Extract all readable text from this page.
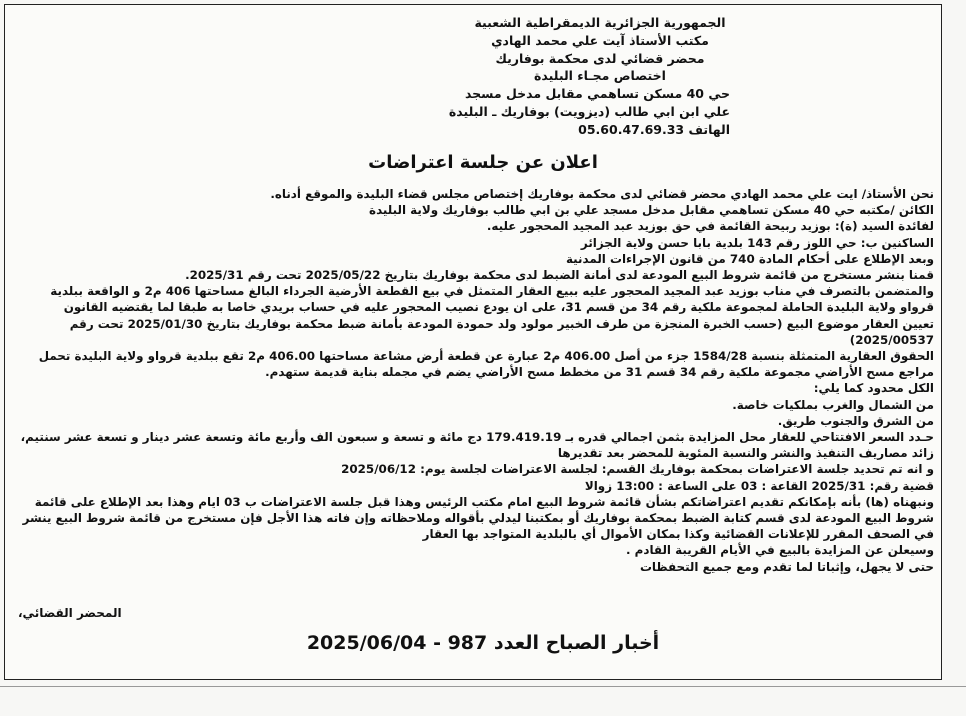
الجمهورية الجزائرية الديمقراطية الشعبية
مكتب الأستاذ آيت علي محمد الهادي
محضر قضائي لدى محكمة بوفاريك
اختصاص مجـاء البليدة
حي 40 مسكن تساهمي مقابل مدخل مسجد
علي ابن ابي طالب (ديزويت) بوفاريك ـ البليدة
الهاتف 05.60.47.69.33
اعلان عن جلسة اعتراضات
نحن الأستاذ/ ايت علي محمد الهادي محضر قضائي لدى محكمة بوفاريك إختصاص مجلس قضاء البليدة والموقع أدناه.
الكائن /مكتبه حي 40 مسكن تساهمي مقابل مدخل مسجد علي بن ابي طالب بوفاريك ولاية البليدة
لفائدة السيد (ة): بوزيد ربيحة القائمة في حق بوزيد عبد المجيد المحجور عليه.
الساكنين ب: حي اللوز رقم 143 بلدية بابا حسن ولاية الجزائر
وبعد الإطلاع على أحكام المادة 740 من قانون الإجراءات المدنية
قمنا بنشر مستخرج من قائمة شروط البيع المودعة لدى أمانة الضبط لدى محكمة بوفاريك بتاريخ 2025/05/22 تحت رقم 2025/31.
والمتضمن بالتصرف في مناب بوزيد عبد المجيد المحجور عليه ببيع العقار المتمثل في بيع القطعة الأرضية الجرداء البالغ مساحتها 406 م2 و الواقعة ببلدية
قرواو ولاية البليدة الحاملة لمجموعة ملكية رقم 34 من قسم 31، على ان يودع نصيب المحجور عليه في حساب بريدي خاصا به طبقا لما يقتضيه القانون
تعيين العقار موضوع البيع (حسب الخبرة المنجزة من طرف الخبير مولود ولد حمودة المودعة بأمانة ضبط محكمة بوفاريك بتاريخ 2025/01/30 تحت رقم
2025/00537)
الحقوق العقارية المتمثلة بنسبة 1584/28 جزء من أصل 406.00 م2 عبارة عن قطعة أرض مشاعة مساحتها 406.00 م2 تقع ببلدية قرواو ولاية البليدة تحمل
مراجع مسح الأراضي مجموعة ملكية رقم 34 قسم 31 من مخطط مسح الأراضي يضم في مجمله بناية قديمة ستهدم.
الكل محدود كما يلي:
من الشمال والغرب بملكيات خاصة.
من الشرق والجنوب طريق.
حـدد السعر الافتتاحي للعقار محل المزايدة بثمن اجمالي قدره بـ 179.419.19 دج مائة و تسعة و سبعون الف وأربع مائة وتسعة عشر دينار و تسعة عشر سنتيم،
زائد مصاريف التنفيذ والنشر والنسبة المئوية للمحضر بعد تقديرها
و انه تم تحديد جلسة الاعتراضات بمحكمة بوفاريك القسم: لجلسة الاعتراضات لجلسة يوم: 2025/06/12
قضية رقم: 2025/31 القاعة : 03 على الساعة : 13:00 زوالا
ونبهناه (ها) بأنه بإمكانكم تقديم اعتراضاتكم بشأن قائمة شروط البيع امام مكتب الرئيس وهذا قبل جلسة الاعتراضات ب 03 ايام وهذا بعد الإطلاع على قائمة
شروط البيع المودعة لدى قسم كتابة الضبط بمحكمة بوفاريك أو بمكتبنا ليدلي بأقواله وملاحظاته وإن فاته هذا الأجل فإن مستخرج من قائمة شروط البيع ينشر
في الصحف المقرر للإعلانات القضائية وكذا بمكان الأموال أي بالبلدية المتواجد بها العقار
وسيعلن عن المزايدة بالبيع في الأيام القريبة القادم .
حتى لا يجهل، وإثباتا لما تقدم ومع جميع التحفظات
المحضر القضائي،
أخبار الصباح العدد 987 - 2025/06/04
